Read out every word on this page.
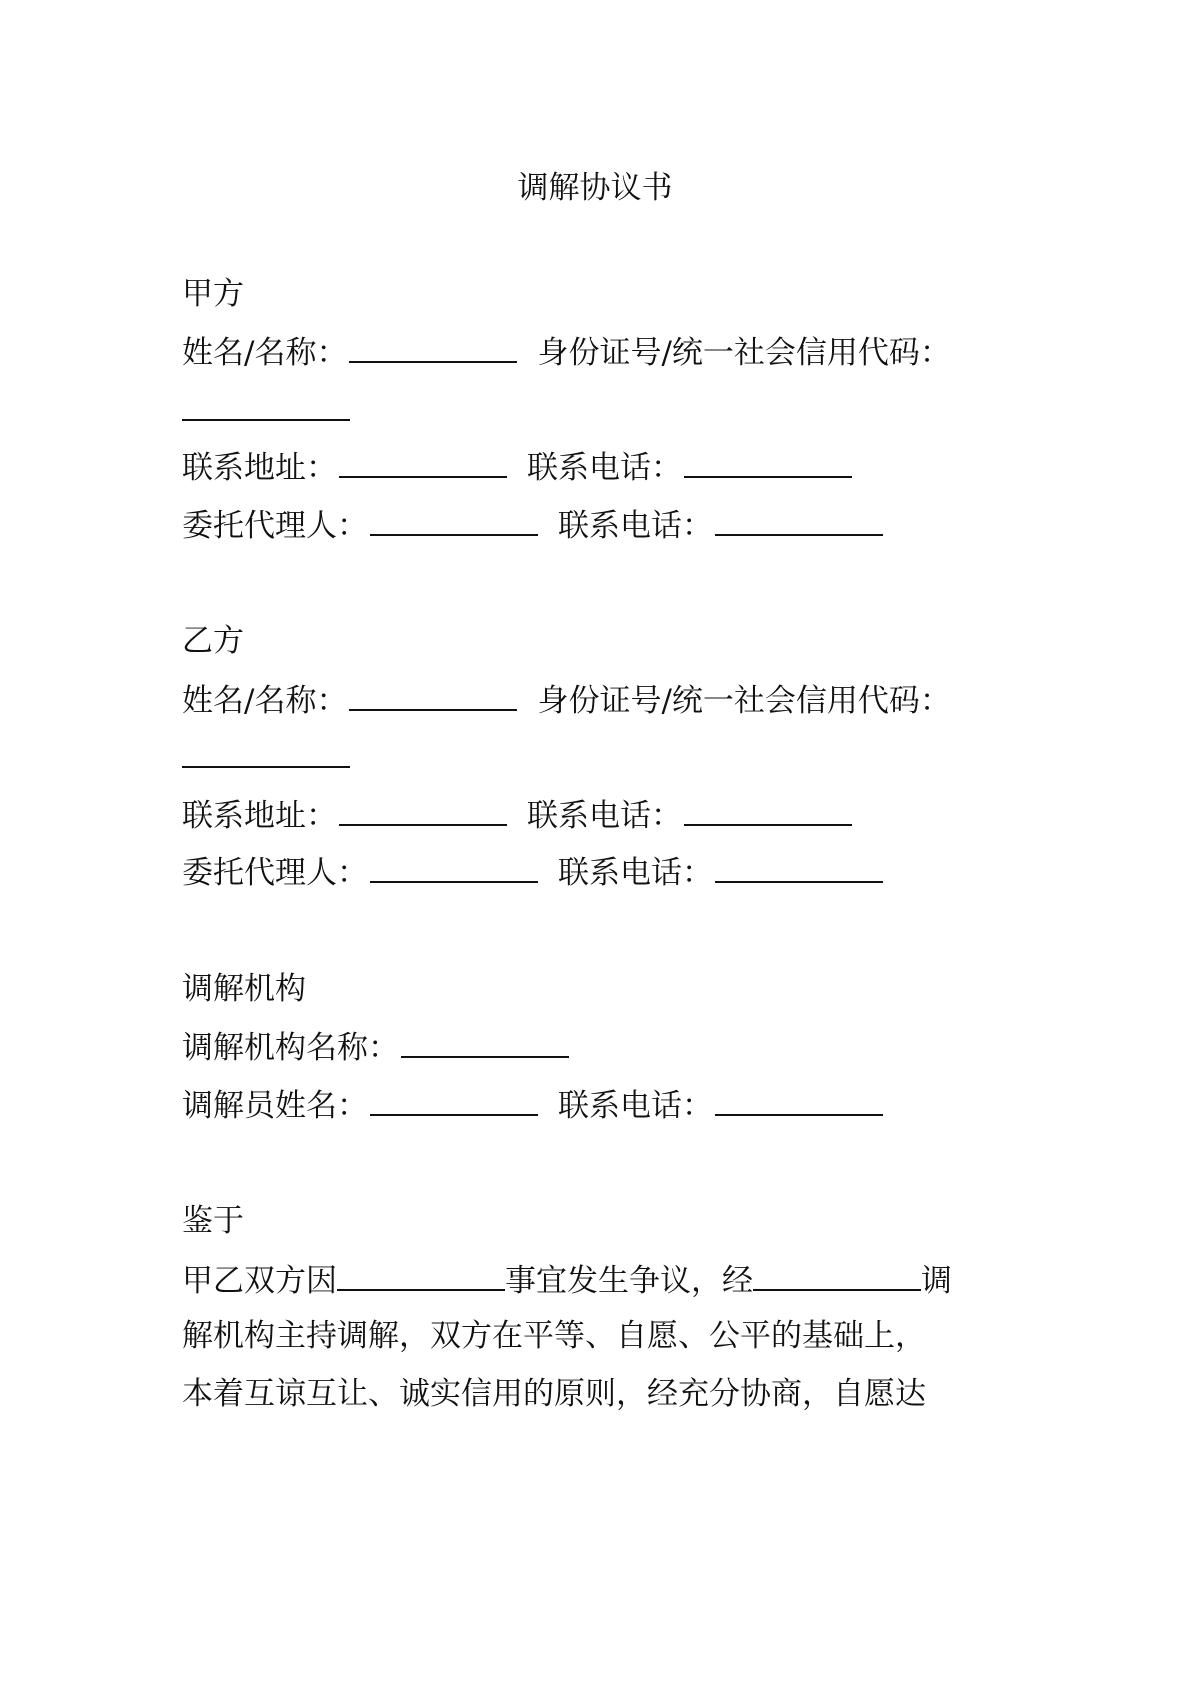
调解协议书
甲方
姓名/名称：	身份证号/统一社会信用代码：
联系地址：	联系电话：
委托代理人：	联系电话：
乙方
姓名/名称：	身份证号/统一社会信用代码：
联系地址：	联系电话：
委托代理人：	联系电话：
调解机构
调解机构名称：
调解员姓名：	联系电话：
鉴于
甲乙双方因	事宜发生争议，经	调
解机构主持调解，双方在平等、自愿、公平的基础上，
本着互谅互让、诚实信用的原则，经充分协商，自愿达
